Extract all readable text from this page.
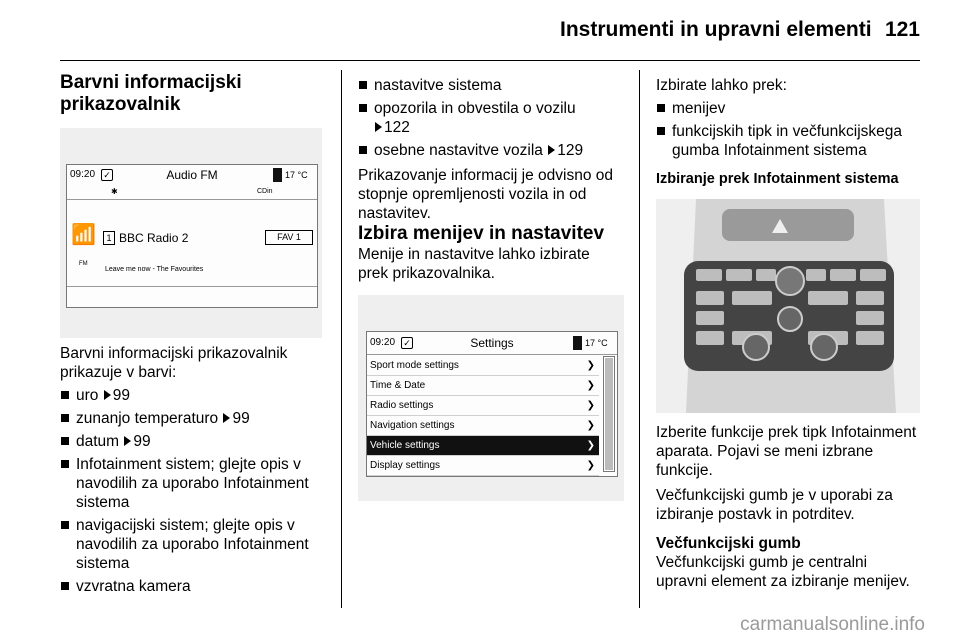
Instrumenti in upravni elementi 121
Barvni informacijski prikazovalnik
09:20 ✓	Audio FM	17 °C
✱	CDin
📶	1 BBC Radio 2	FAV 1
FM
Leave me now - The Favourites

Barvni informacijski prikazovalnik prikazuje v barvi:

uro 99
zunanjo temperaturo 99
datum 99
Infotainment sistem; glejte opis v navodilih za uporabo Infotainment sistema
navigacijski sistem; glejte opis v navodilih za uporabo Infotainment sistema
vzvratna kamera
nastavitve sistema
opozorila in obvestila o vozilu
122
osebne nastavitve vozila 129

Prikazovanje informacij je odvisno od stopnje opremljenosti vozila in od nastavitev.

Izbira menijev in nastavitev

Menije in nastavitve lahko izbirate prek prikazovalnika.

09:20 ✓	Settings	17 °C
Sport mode settings	❯
Time & Date	❯
Radio settings	❯
Navigation settings	❯
Vehicle settings	❯
Display settings	❯

Izbirate lahko prek:

menijev
funkcijskih tipk in večfunkcijskega gumba Infotainment sistema

Izbiranje prek Infotainment sistema

Izberite funkcije prek tipk Infotainment aparata. Pojavi se meni izbrane funkcije.

Večfunkcijski gumb je v uporabi za izbiranje postavk in potrditev.

Večfunkcijski gumb

Večfunkcijski gumb je centralni upravni element za izbiranje menijev.

carmanualsonline.info
